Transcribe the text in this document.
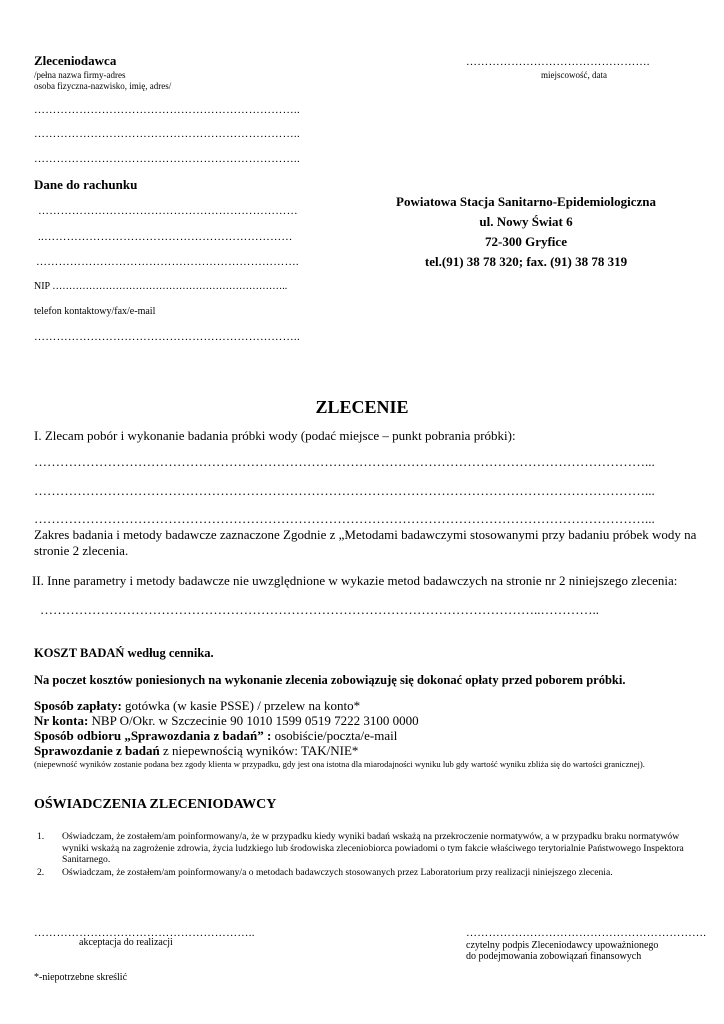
Zleceniodawca
/pełna nazwa firmy-adres
osoba fizyczna-nazwisko, imię, adres/
………………………………………….
miejscowość, data
……………………………………………………………..
……………………………………………………………..
……………………………………………………………..
Dane do rachunku
……………………………………………………………
..…………………………………………………………
…………………………………………………………….
NIP ……………………………………………………………..
telefon kontaktowy/fax/e-mail
……………………………………………………………..
Powiatowa Stacja Sanitarno-Epidemiologiczna
ul. Nowy Świat 6
72-300 Gryfice
tel.(91) 38 78 320; fax. (91) 38 78 319
ZLECENIE
I. Zlecam pobór i wykonanie badania próbki wody (podać miejsce – punkt pobrania próbki):
……………………………………………………………………………………………………………………………...
……………………………………………………………………………………………………………………………...
……………………………………………………………………………………………………………………………...
Zakres badania i metody badawcze zaznaczone Zgodnie z „Metodami badawczymi stosowanymi przy badaniu próbek wody na stronie 2 zlecenia.
II. Inne parametry i metody badawcze nie uwzględnione w wykazie metod badawczych na stronie nr 2 niniejszego zlecenia:
……………………………………………………………………………………………………..…………..
KOSZT BADAŃ według cennika.
Na poczet kosztów poniesionych na wykonanie zlecenia zobowiązuję się dokonać opłaty przed poborem próbki.
Sposób zapłaty: gotówka (w kasie PSSE) / przelew na konto*
Nr konta: NBP O/Okr. w Szczecinie 90 1010 1599 0519 7222 3100 0000
Sposób odbioru „Sprawozdania z badań” : osobiście/poczta/e-mail
Sprawozdanie z badań z niepewnością wyników: TAK/NIE*
(niepewność wyników zostanie podana bez zgody klienta w przypadku, gdy jest ona istotna dla miarodajności wyniku lub gdy wartość wyniku zbliża się do wartości granicznej).
OŚWIADCZENIA ZLECENIODAWCY
1. Oświadczam, że zostałem/am poinformowany/a, że w przypadku kiedy wyniki badań wskażą na przekroczenie normatywów, a w przypadku braku normatywów wyniki wskażą na zagrożenie zdrowia, życia ludzkiego lub środowiska zleceniobiorca powiadomi o tym fakcie właściwego terytorialnie Państwowego Inspektora Sanitarnego.
2. Oświadczam, że zostałem/am poinformowany/a o metodach badawczych stosowanych przez Laboratorium przy realizacji niniejszego zlecenia.
…………………………………………………..
akceptacja do realizacji
……………………………………………………….
czytelny podpis Zleceniodawcy upoważnionego
do podejmowania zobowiązań finansowych
*-niepotrzebne skreślić
